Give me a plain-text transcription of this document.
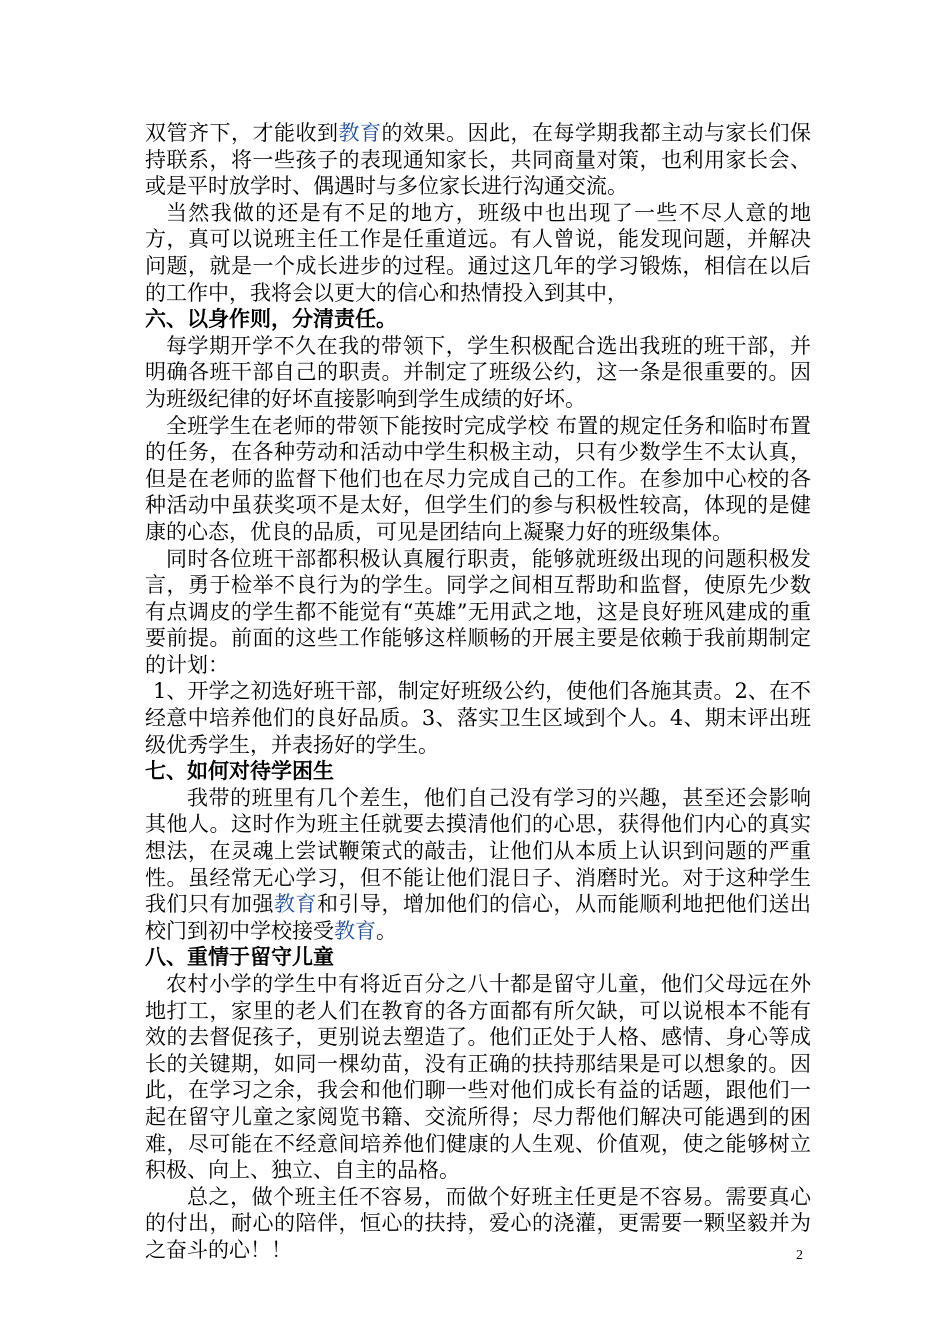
双管齐下，才能收到教育的效果。因此，在每学期我都主动与家长们保持联系，将一些孩子的表现通知家长，共同商量对策，也利用家长会、或是平时放学时、偶遇时与多位家长进行沟通交流。

当然我做的还是有不足的地方，班级中也出现了一些不尽人意的地方，真可以说班主任工作是任重道远。有人曾说，能发现问题，并解决问题，就是一个成长进步的过程。通过这几年的学习锻炼，相信在以后的工作中，我将会以更大的信心和热情投入到其中，

六、以身作则，分清责任。

每学期开学不久在我的带领下，学生积极配合选出我班的班干部，并明确各班干部自己的职责。并制定了班级公约，这一条是很重要的。因为班级纪律的好坏直接影响到学生成绩的好坏。

全班学生在老师的带领下能按时完成学校 布置的规定任务和临时布置的任务，在各种劳动和活动中学生积极主动，只有少数学生不太认真，但是在老师的监督下他们也在尽力完成自己的工作。在参加中心校的各种活动中虽获奖项不是太好，但学生们的参与积极性较高，体现的是健康的心态，优良的品质，可见是团结向上凝聚力好的班级集体。

同时各位班干部都积极认真履行职责，能够就班级出现的问题积极发言，勇于检举不良行为的学生。同学之间相互帮助和监督，使原先少数有点调皮的学生都不能觉有“英雄”无用武之地，这是良好班风建成的重要前提。前面的这些工作能够这样顺畅的开展主要是依赖于我前期制定的计划：

1、开学之初选好班干部，制定好班级公约，使他们各施其责。2、在不经意中培养他们的良好品质。3、落实卫生区域到个人。4、期末评出班级优秀学生，并表扬好的学生。

七、如何对待学困生

我带的班里有几个差生，他们自己没有学习的兴趣，甚至还会影响其他人。这时作为班主任就要去摸清他们的心思，获得他们内心的真实想法，在灵魂上尝试鞭策式的敲击，让他们从本质上认识到问题的严重性。虽经常无心学习，但不能让他们混日子、消磨时光。对于这种学生我们只有加强教育和引导，增加他们的信心，从而能顺利地把他们送出校门到初中学校接受教育。

八、重情于留守儿童

农村小学的学生中有将近百分之八十都是留守儿童，他们父母远在外地打工，家里的老人们在教育的各方面都有所欠缺，可以说根本不能有效的去督促孩子，更别说去塑造了。他们正处于人格、感情、身心等成长的关键期，如同一棵幼苗，没有正确的扶持那结果是可以想象的。因此，在学习之余，我会和他们聊一些对他们成长有益的话题，跟他们一起在留守儿童之家阅览书籍、交流所得；尽力帮他们解决可能遇到的困难，尽可能在不经意间培养他们健康的人生观、价值观，使之能够树立积极、向上、独立、自主的品格。

总之，做个班主任不容易，而做个好班主任更是不容易。需要真心的付出，耐心的陪伴，恒心的扶持，爱心的浇灌，更需要一颗坚毅并为之奋斗的心！！	2
